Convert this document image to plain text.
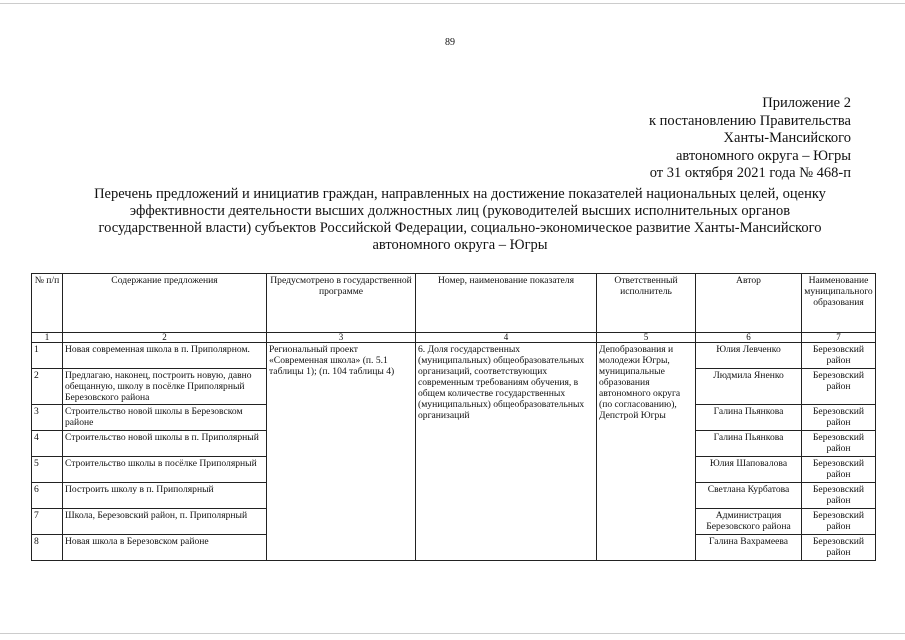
89
Приложение 2
к постановлению Правительства
Ханты-Мансийского
автономного округа – Югры
от 31 октября 2021 года № 468-п
Перечень предложений и инициатив граждан, направленных на достижение показателей национальных целей, оценку
эффективности деятельности высших должностных лиц (руководителей высших исполнительных органов
государственной власти) субъектов Российской Федерации, социально-экономическое развитие Ханты-Мансийского
автономного округа – Югры
№ п/п	Содержание предложения	Предусмотрено в государственной программе	Номер, наименование показателя	Ответственный исполнитель	Автор	Наименование муниципального образования
1	2	3	4	5	6	7
1	Новая современная школа в п. Приполярном.	Региональный проект «Современная школа» (п. 5.1 таблицы 1); (п. 104 таблицы 4)	6. Доля государственных (муниципальных) общеобразовательных организаций, соответствующих современным требованиям обучения, в общем количестве государственных (муниципальных) общеобразовательных организаций	Депобразования и молодежи Югры, муниципальные образования автономного округа (по согласованию), Депстрой Югры	Юлия Левченко	Березовский район
2	Предлагаю, наконец, построить новую, давно обещанную, школу в посёлке Приполярный Березовского района				Людмила Яненко	Березовский район
3	Строительство новой школы в Березовском районе				Галина Пьянкова	Березовский район
4	Строительство новой школы в п. Приполярный				Галина Пьянкова	Березовский район
5	Строительство школы в посёлке Приполярный				Юлия Шаповалова	Березовский район
6	Построить школу в п. Приполярный				Светлана Курбатова	Березовский район
7	Школа, Березовский район, п. Приполярный				Администрация Березовского района	Березовский район
8	Новая школа в Березовском районе				Галина Вахрамеева	Березовский район
